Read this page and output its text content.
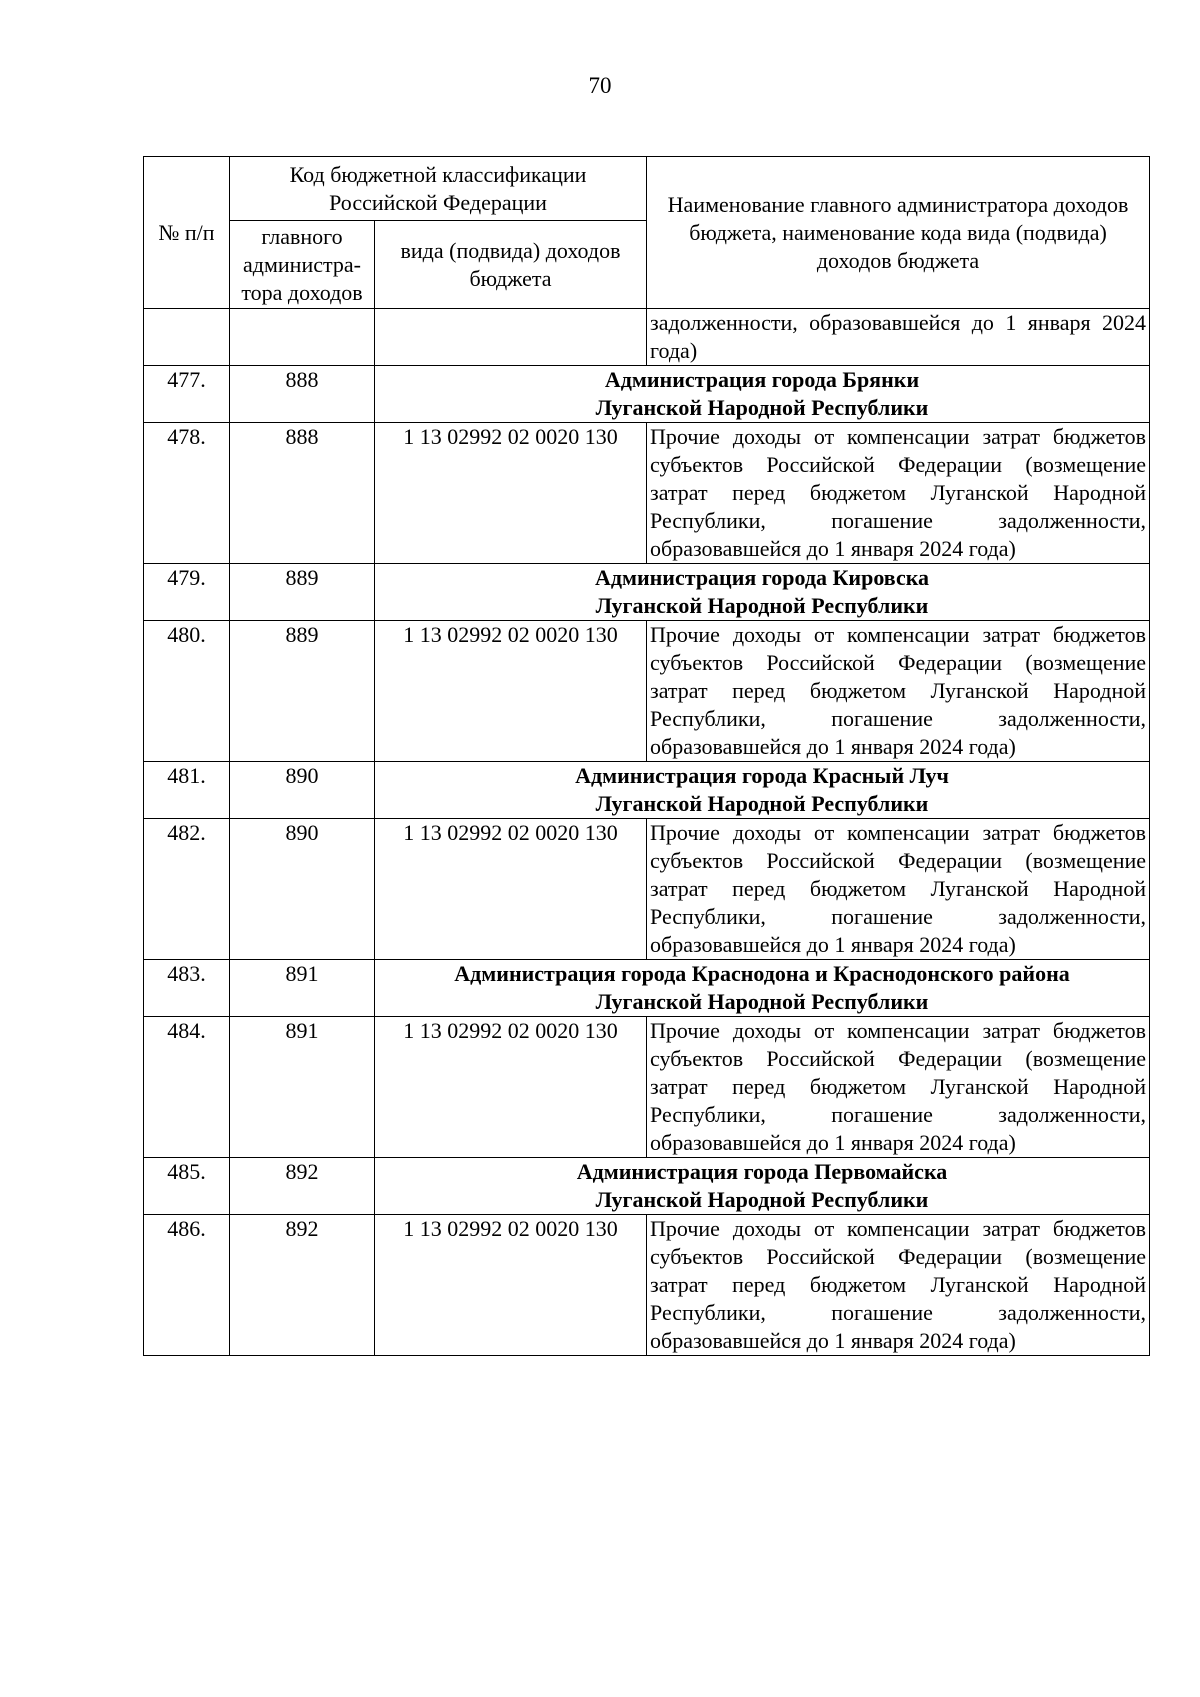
70
№ п/п	Код бюджетной классификации Российской Федерации		Наименование главного администратора доходов бюджета, наименование кода вида (подвида) доходов бюджета
	главного администра-тора доходов	вида (подвида) доходов бюджета	
			задолженности, образовавшейся до 1 января 2024 года)
477.	888	Администрация города Брянки
Луганской Народной Республики	

478.	888	1 13 02992 02 0020 130	Прочие доходы от компенсации затрат бюджетов субъектов Российской Федерации (возмещение затрат перед бюджетом Луганской Народной Республики, погашение задолженности, образовавшейся до 1 января 2024 года)
479.	889	Администрация города Кировска
Луганской Народной Республики	

480.	889	1 13 02992 02 0020 130	Прочие доходы от компенсации затрат бюджетов субъектов Российской Федерации (возмещение затрат перед бюджетом Луганской Народной Республики, погашение задолженности, образовавшейся до 1 января 2024 года)
481.	890	Администрация города Красный Луч
Луганской Народной Республики	

482.	890	1 13 02992 02 0020 130	Прочие доходы от компенсации затрат бюджетов субъектов Российской Федерации (возмещение затрат перед бюджетом Луганской Народной Республики, погашение задолженности, образовавшейся до 1 января 2024 года)
483.	891	Администрация города Краснодона и Краснодонского района
Луганской Народной Республики	

484.	891	1 13 02992 02 0020 130	Прочие доходы от компенсации затрат бюджетов субъектов Российской Федерации (возмещение затрат перед бюджетом Луганской Народной Республики, погашение задолженности, образовавшейся до 1 января 2024 года)
485.	892	Администрация города Первомайска
Луганской Народной Республики	

486.	892	1 13 02992 02 0020 130	Прочие доходы от компенсации затрат бюджетов субъектов Российской Федерации (возмещение затрат перед бюджетом Луганской Народной Республики, погашение задолженности, образовавшейся до 1 января 2024 года)
